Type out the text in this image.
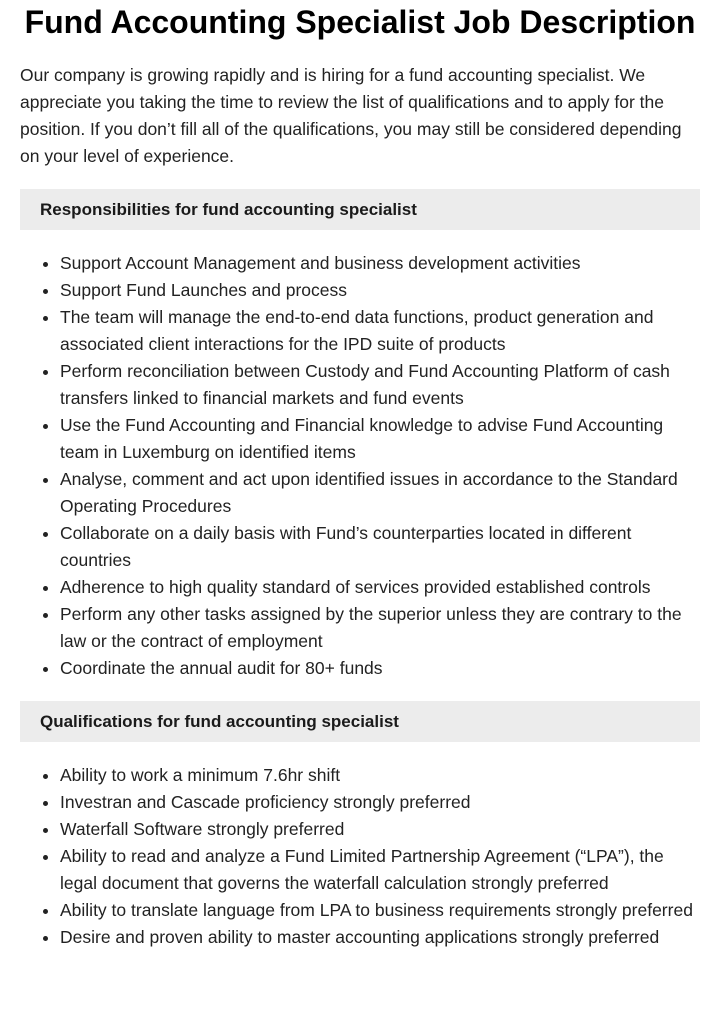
Fund Accounting Specialist Job Description

Our company is growing rapidly and is hiring for a fund accounting specialist. We appreciate you taking the time to review the list of qualifications and to apply for the position. If you don’t fill all of the qualifications, you may still be considered depending on your level of experience.

Responsibilities for fund accounting specialist
• Support Account Management and business development activities
• Support Fund Launches and process
• The team will manage the end-to-end data functions, product generation and associated client interactions for the IPD suite of products
• Perform reconciliation between Custody and Fund Accounting Platform of cash transfers linked to financial markets and fund events
• Use the Fund Accounting and Financial knowledge to advise Fund Accounting team in Luxemburg on identified items
• Analyse, comment and act upon identified issues in accordance to the Standard Operating Procedures
• Collaborate on a daily basis with Fund’s counterparties located in different countries
• Adherence to high quality standard of services provided established controls
• Perform any other tasks assigned by the superior unless they are contrary to the law or the contract of employment
• Coordinate the annual audit for 80+ funds
Qualifications for fund accounting specialist
• Ability to work a minimum 7.6hr shift
• Investran and Cascade proficiency strongly preferred
• Waterfall Software strongly preferred
• Ability to read and analyze a Fund Limited Partnership Agreement (“LPA”), the legal document that governs the waterfall calculation strongly preferred
• Ability to translate language from LPA to business requirements strongly preferred
• Desire and proven ability to master accounting applications strongly preferred
